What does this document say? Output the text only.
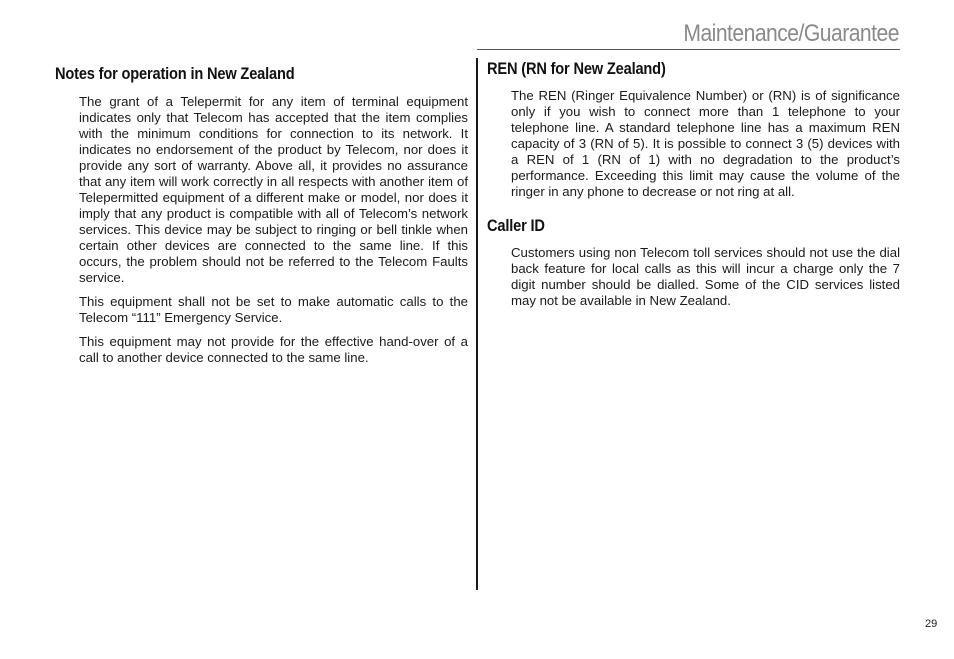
Maintenance/Guarantee
Notes for operation in New Zealand

The grant of a Telepermit for any item of terminal equipment indicates only that Telecom has accepted that the item complies with the minimum conditions for connection to its network. It indicates no endorsement of the product by Telecom, nor does it provide any sort of warranty. Above all, it provides no assurance that any item will work correctly in all respects with another item of Telepermitted equipment of a different make or model, nor does it imply that any product is compatible with all of Telecom’s network services. This device may be subject to ringing or bell tinkle when certain other devices are connected to the same line. If this occurs, the problem should not be referred to the Telecom Faults service.

This equipment shall not be set to make automatic calls to the Telecom “111” Emergency Service.

This equipment may not provide for the effective hand-over of a call to another device connected to the same line.

REN (RN for New Zealand)

The REN (Ringer Equivalence Number) or (RN) is of significance only if you wish to connect more than 1 telephone to your telephone line. A standard telephone line has a maximum REN capacity of 3 (RN of 5). It is possible to connect 3 (5) devices with a REN of 1 (RN of 1) with no degradation to the product’s performance. Exceeding this limit may cause the volume of the ringer in any phone to decrease or not ring at all.

Caller ID

Customers using non Telecom toll services should not use the dial back feature for local calls as this will incur a charge only the 7 digit number should be dialled. Some of the CID services listed may not be available in New Zealand.

29
